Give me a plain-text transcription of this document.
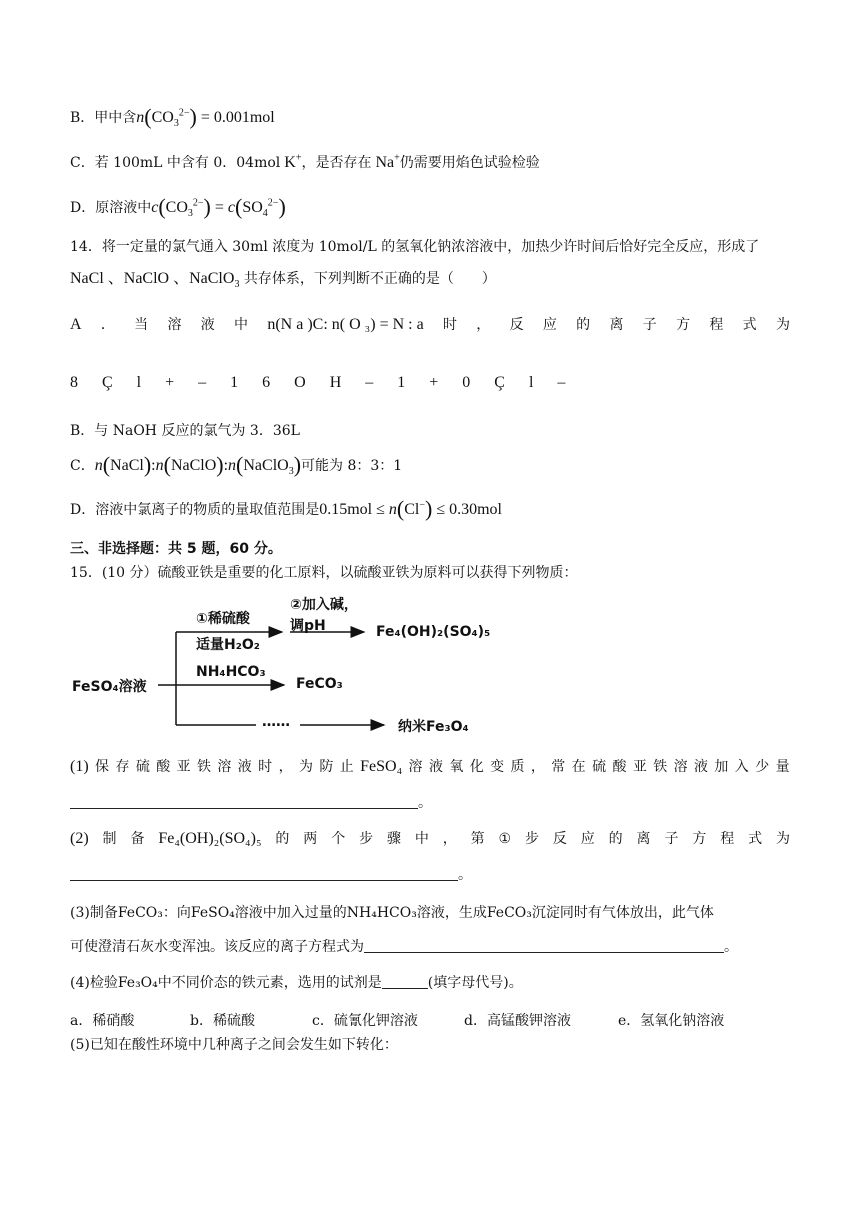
B．甲中含$n(CO_3^{2-}) = 0.001mol$
C．若 100mL 中含有 0．04mol K+，是否存在 Na+仍需要用焰色试验检验
D．原溶液中$c(CO_3^{2-}) = c(SO_4^{2-})$
14．将一定量的氯气通入 30ml 浓度为 10mol/L 的氢氧化钠浓溶液中，加热少许时间后恰好完全反应，形成了
NaCl 、NaClO 、NaClO$_3$ 共存体系，下列判断不正确的是（　　）
A ． 当 溶 液 中 n(N a )C: n( O ₃) = N : a 时 ， 反 应 的 离 子 方 程 式 为
8 Ç l + ‒ 1 6 O H ‒ 1 + 0 Ç l ‒
B．与 NaOH 反应的氯气为 3．36L
C．n(NaCl):n(NaClO):n(NaClO$_3$)可能为 8：3：1
D．溶液中氯离子的物质的量取值范围是0.15mol ≤ n(Cl−) ≤ 0.30mol
三、非选择题：共 5 题，60 分。
15．(10 分）硫酸亚铁是重要的化工原料，以硫酸亚铁为原料可以获得下列物质：
FeSO₄溶液
①稀硫酸
适量H₂O₂
②加入碱，
调pH	Fe₄(OH)₂(SO₄)₅
NH₄HCO₃
FeCO₃
……	纳米Fe₃O₄
(1) 保 存 硫 酸 亚 铁 溶 液 时 ， 为 防 止 FeSO₄ 溶 液 氧 化 变 质 ， 常 在 硫 酸 亚 铁 溶 液 加 入 少 量
。
(2) 制 备 Fe₄(OH)₂(SO₄)₅ 的 两 个 步 骤 中 ， 第 ① 步 反 应 的 离 子 方 程 式 为
。
(3)制备FeCO₃：向FeSO₄溶液中加入过量的NH₄HCO₃溶液，生成FeCO₃沉淀同时有气体放出，此气体
可使澄清石灰水变浑浊。该反应的离子方程式为	。
(4)检验Fe₃O₄中不同价态的铁元素，选用的试剂是	(填字母代号)。
a．稀硝酸	b．稀硫酸	c．硫氰化钾溶液	d．高锰酸钾溶液	e．氢氧化钠溶液
(5)已知在酸性环境中几种离子之间会发生如下转化：
